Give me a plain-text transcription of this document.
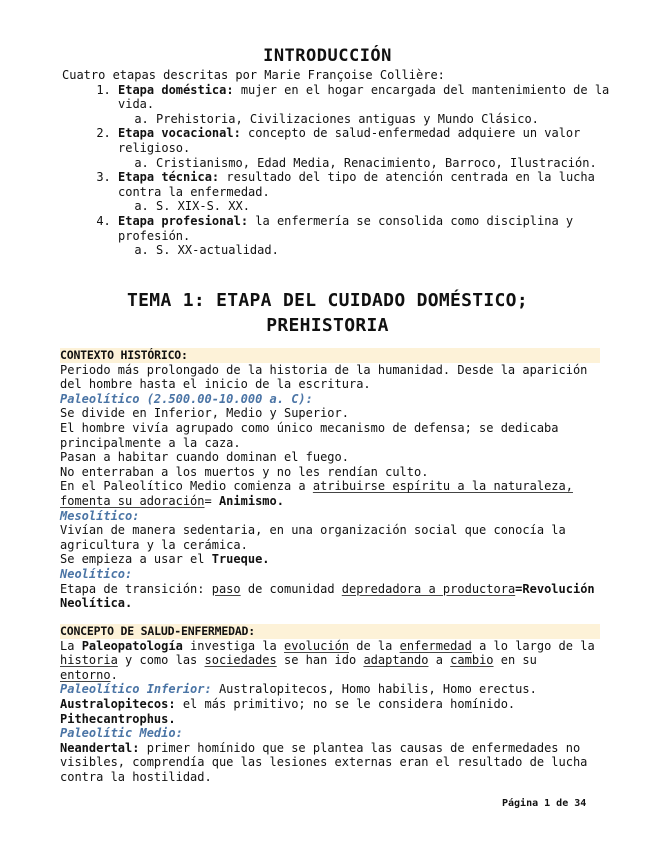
INTRODUCCIÓN
Cuatro etapas descritas por Marie Françoise Collière:
1. Etapa doméstica: mujer en el hogar encargada del mantenimiento de la vida.
a. Prehistoria, Civilizaciones antiguas y Mundo Clásico.
2. Etapa vocacional: concepto de salud-enfermedad adquiere un valor religioso.
a. Cristianismo, Edad Media, Renacimiento, Barroco, Ilustración.
3. Etapa técnica: resultado del tipo de atención centrada en la lucha contra la enfermedad.
a. S. XIX-S. XX.
4. Etapa profesional: la enfermería se consolida como disciplina y profesión.
a. S. XX-actualidad.
TEMA 1: ETAPA DEL CUIDADO DOMÉSTICO;
PREHISTORIA
CONTEXTO HISTÓRICO:

Periodo más prolongado de la historia de la humanidad. Desde la aparición del hombre hasta el inicio de la escritura.

Paleolítico (2.500.00-10.000 a. C):

Se divide en Inferior, Medio y Superior.

El hombre vivía agrupado como único mecanismo de defensa; se dedicaba principalmente a la caza.

Pasan a habitar cuando dominan el fuego.

No enterraban a los muertos y no les rendían culto.

En el Paleolítico Medio comienza a atribuirse espíritu a la naturaleza, fomenta su adoración= Animismo.

Mesolítico:

Vivían de manera sedentaria, en una organización social que conocía la agricultura y la cerámica.

Se empieza a usar el Trueque.

Neolítico:

Etapa de transición: paso de comunidad depredadora a productora=Revolución Neolítica.

CONCEPTO DE SALUD-ENFERMEDAD:

La Paleopatología investiga la evolución de la enfermedad a lo largo de la historia y como las sociedades se han ido adaptando a cambio en su entorno.

Paleolítico Inferior: Australopitecos, Homo habilis, Homo erectus.

Australopitecos: el más primitivo; no se le considera homínido.

Pithecantrophus.

Paleolític Medio:

Neandertal: primer homínido que se plantea las causas de enfermedades no visibles, comprendía que las lesiones externas eran el resultado de lucha contra la hostilidad.

Página 1 de 34
